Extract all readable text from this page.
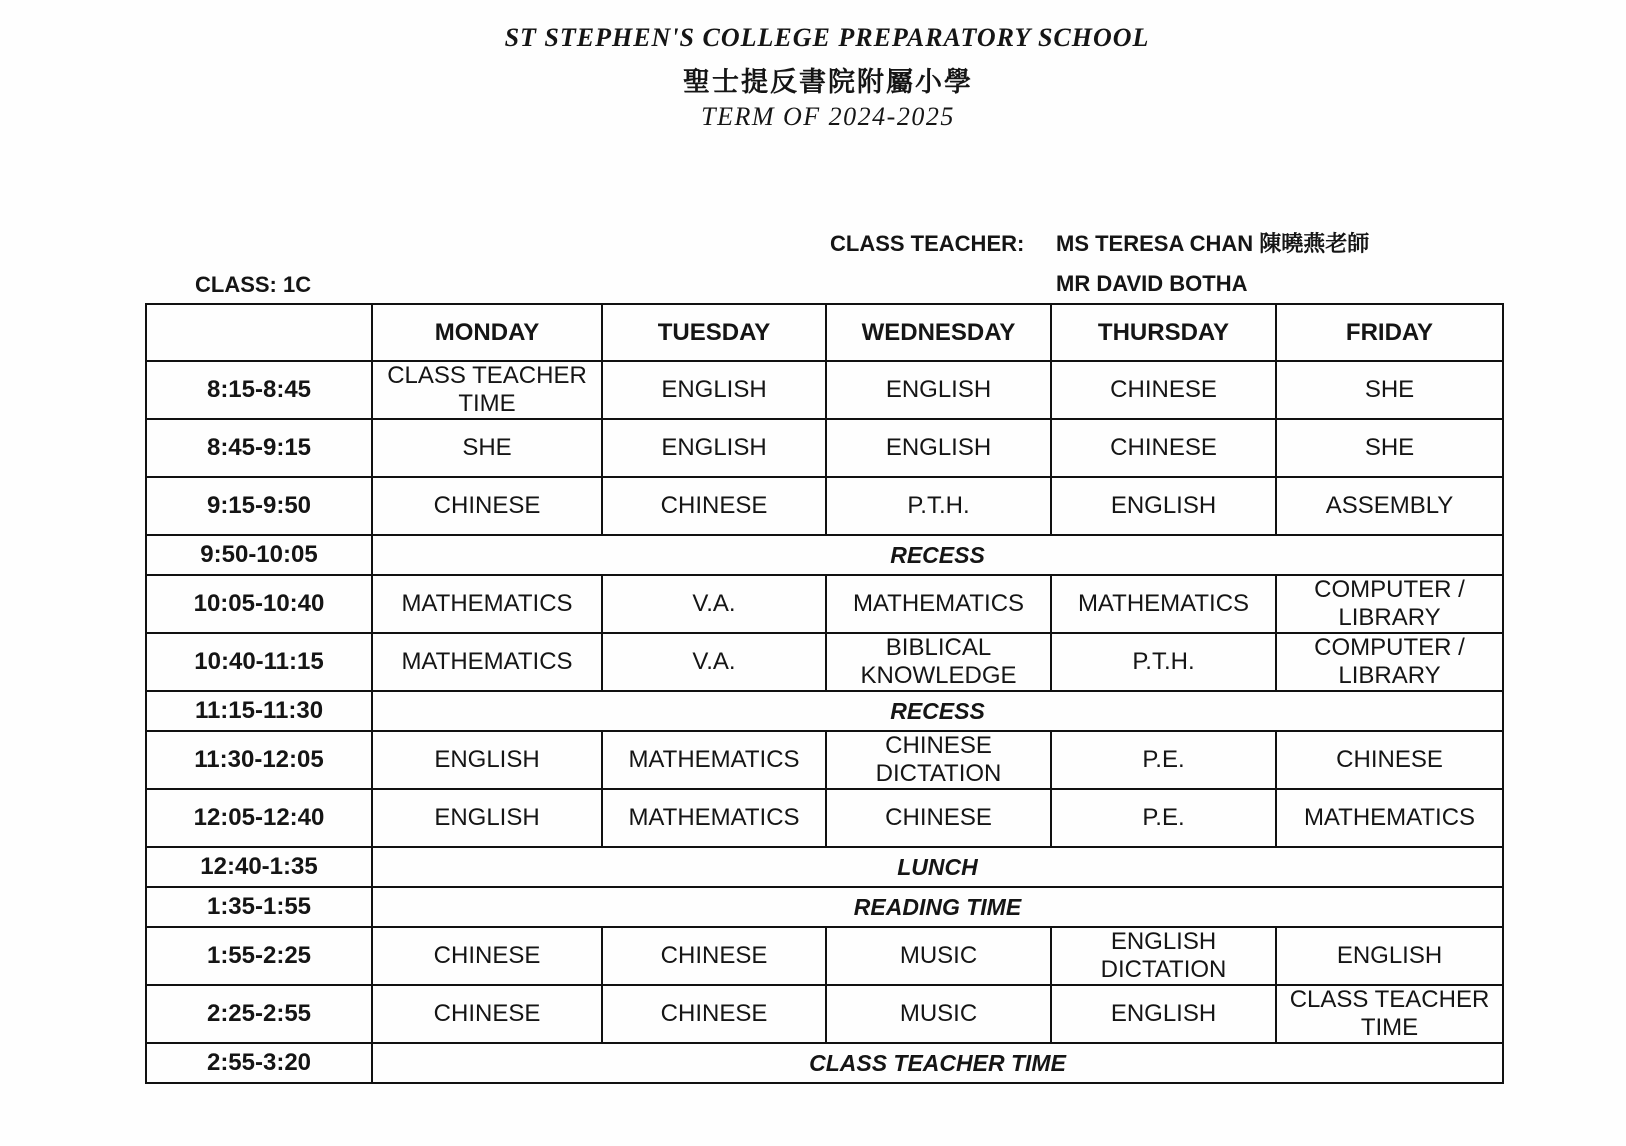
ST STEPHEN'S COLLEGE PREPARATORY SCHOOL
聖士提反書院附屬小學
TERM OF 2024-2025
CLASS TEACHER: MS TERESA CHAN 陳曉燕老師
MR DAVID BOTHA
CLASS: 1C
	MONDAY	TUESDAY	WEDNESDAY	THURSDAY	FRIDAY
8:15-8:45	CLASS TEACHER TIME	ENGLISH	ENGLISH	CHINESE	SHE
8:45-9:15	SHE	ENGLISH	ENGLISH	CHINESE	SHE
9:15-9:50	CHINESE	CHINESE	P.T.H.	ENGLISH	ASSEMBLY
9:50-10:05	RECESS				
10:05-10:40	MATHEMATICS	V.A.	MATHEMATICS	MATHEMATICS	COMPUTER / LIBRARY
10:40-11:15	MATHEMATICS	V.A.	BIBLICAL KNOWLEDGE	P.T.H.	COMPUTER / LIBRARY
11:15-11:30	RECESS				
11:30-12:05	ENGLISH	MATHEMATICS	CHINESE DICTATION	P.E.	CHINESE
12:05-12:40	ENGLISH	MATHEMATICS	CHINESE	P.E.	MATHEMATICS
12:40-1:35	LUNCH				
1:35-1:55	READING TIME				
1:55-2:25	CHINESE	CHINESE	MUSIC	ENGLISH DICTATION	ENGLISH
2:25-2:55	CHINESE	CHINESE	MUSIC	ENGLISH	CLASS TEACHER TIME
2:55-3:20	CLASS TEACHER TIME				
